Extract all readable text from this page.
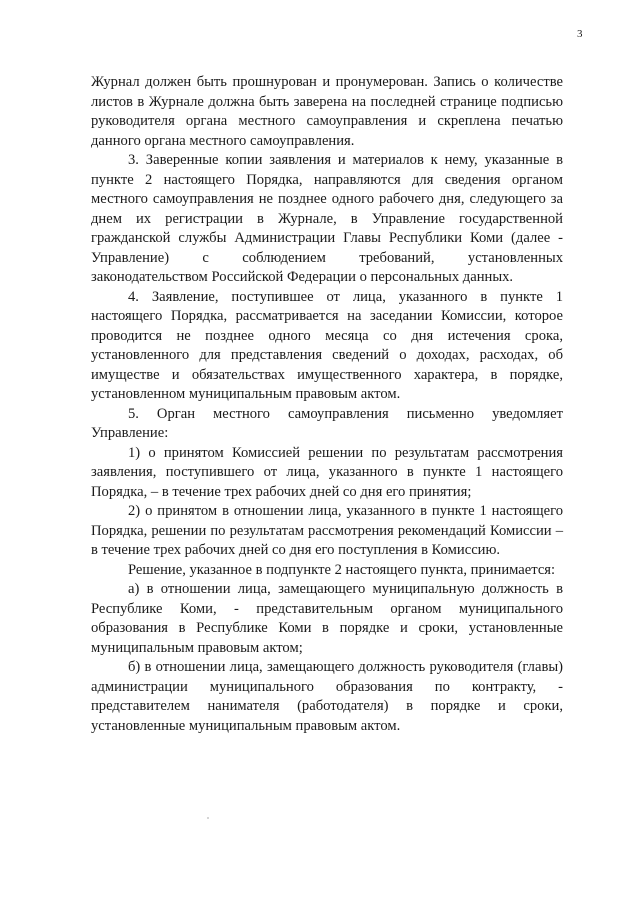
3

Журнал должен быть прошнурован и пронумерован. Запись о количестве листов в Журнале должна быть заверена на последней странице подписью руководителя органа местного самоуправления и скреплена печатью данного органа местного самоуправления.

3. Заверенные копии заявления и материалов к нему, указанные в пункте 2 настоящего Порядка, направляются для сведения органом местного самоуправления не позднее одного рабочего дня, следующего за днем их регистрации в Журнале, в Управление государственной гражданской службы Администрации Главы Республики Коми (далее - Управление) с соблюдением требований, установленных законодательством Российской Федерации о персональных данных.

4. Заявление, поступившее от лица, указанного в пункте 1 настоящего Порядка, рассматривается на заседании Комиссии, которое проводится не позднее одного месяца со дня истечения срока, установленного для представления сведений о доходах, расходах, об имуществе и обязательствах имущественного характера, в порядке, установленном муниципальным правовым актом.

5. Орган местного самоуправления письменно уведомляет Управление:

1) о принятом Комиссией решении по результатам рассмотрения заявления, поступившего от лица, указанного в пункте 1 настоящего Порядка, – в течение трех рабочих дней со дня его принятия;

2) о принятом в отношении лица, указанного в пункте 1 настоящего Порядка, решении по результатам рассмотрения рекомендаций Комиссии – в течение трех рабочих дней со дня его поступления в Комиссию.

Решение, указанное в подпункте 2 настоящего пункта, принимается:

а) в отношении лица, замещающего муниципальную должность в Республике Коми, - представительным органом муниципального образования в Республике Коми в порядке и сроки, установленные муниципальным правовым актом;

б) в отношении лица, замещающего должность руководителя (главы) администрации муниципального образования по контракту, - представителем нанимателя (работодателя) в порядке и сроки, установленные муниципальным правовым актом.
